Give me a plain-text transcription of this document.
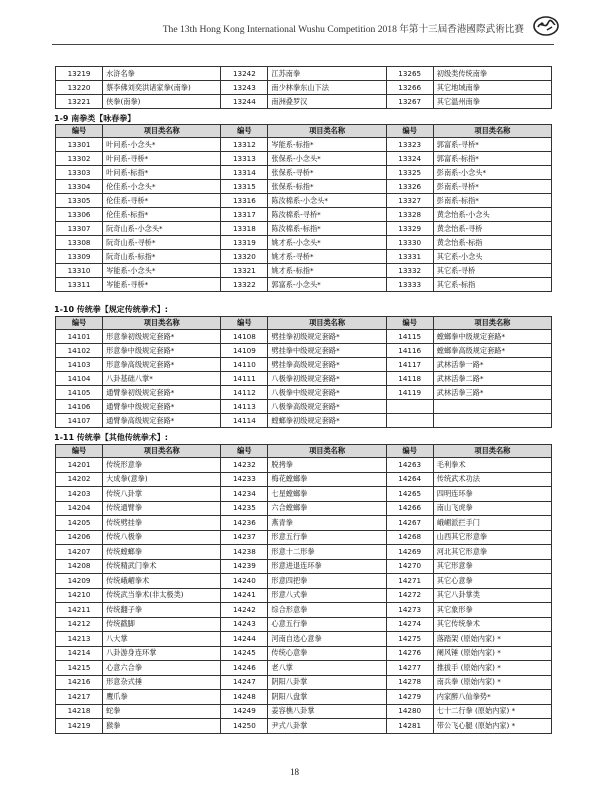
The 13th Hong Kong International Wushu Competition 2018 年第十三屆香港國際武術比賽
13219	水浒名拳	13242	江苏南拳	13265	初级类传统南拳
13220	蔡李佛刘奕洪诸家拳(南拳)	13243	南少林拳东山下法	13266	其它地域南拳
13221	侠拳(南拳)	13244	南洲叠罗汉	13267	其它温州南拳
1-9 南拳类【咏春拳】
编号	项目类名称	编号	项目类名称	编号	项目类名称
13301	叶问系-小念头*	13312	岑能系-标指*	13323	郭富系-寻桥*
13302	叶问系-寻桥*	13313	张保系-小念头*	13324	郭富系-标指*
13303	叶问系-标指*	13314	张保系-寻桥*	13325	彭南系-小念头*
13304	伦佳系-小念头*	13315	张保系-标指*	13326	彭南系-寻桥*
13305	伦佳系-寻桥*	13316	陈汝棉系-小念头*	13327	彭南系-标指*
13306	伦佳系-标指*	13317	陈汝棉系-寻桥*	13328	黄念怡系-小念头
13307	阮奇山系-小念头*	13318	陈汝棉系-标指*	13329	黄念怡系-寻桥
13308	阮奇山系-寻桥*	13319	姚才系-小念头*	13330	黄念怡系-标指
13309	阮奇山系-标指*	13320	姚才系-寻桥*	13331	其它系-小念头
13310	岑能系-小念头*	13321	姚才系-标指*	13332	其它系-寻桥
13311	岑能系-寻桥*	13322	郭富系-小念头*	13333	其它系-标指
1-10 传统拳【规定传统拳术】:
编号	项目类名称	编号	项目类名称	编号	项目类名称
14101	形意拳初级规定套路*	14108	劈挂拳初级规定套路*	14115	螳螂拳中级规定套路*
14102	形意拳中级规定套路*	14109	劈挂拳中级规定套路*	14116	螳螂拳高级规定套路*
14103	形意拳高级规定套路*	14110	劈挂拳高级规定套路*	14117	武林活拳一路*
14104	八卦基础八掌*	14111	八极拳初级规定套路*	14118	武林活拳二路*
14105	通臂拳初级规定套路*	14112	八极拳中级规定套路*	14119	武林活拳三路*
14106	通臂拳中级规定套路*	14113	八极拳高级规定套路*		
14107	通臂拳高级规定套路*	14114	螳螂拳初级规定套路*		
1-11 传统拳【其他传统拳术】:
编号	项目类名称	编号	项目类名称	编号	项目类名称
14201	传统形意拳	14232	脱拷拳	14263	毛利拳术
14202	大成拳(意拳)	14233	梅花螳螂拳	14264	传统武术功法
14203	传统八卦掌	14234	七星螳螂拳	14265	四明连环拳
14204	传统通臂拳	14235	六合螳螂拳	14266	南山飞虎拳
14205	传统劈挂拳	14236	燕青拳	14267	峨嵋派拦手门
14206	传统八极拳	14237	形意五行拳	14268	山西其它形意拳
14207	传统螳螂拳	14238	形意十二形拳	14269	河北其它形意拳
14208	传统精武门拳术	14239	形意进退连环拳	14270	其它形意拳
14209	传统峨嵋拳术	14240	形意四把拳	14271	其它心意拳
14210	传统武当拳术(非太极类)	14241	形意八式拳	14272	其它八卦掌类
14211	传统翻子拳	14242	综合形意拳	14273	其它象形拳
14212	传统戳脚	14243	心意五行拳	14274	其它传统拳术
14213	八大掌	14244	河南自选心意拳	14275	落踏架 (原始内家) *
14214	八卦游身连环掌	14245	传统心意拳	14276	阑风锤 (原始内家) *
14215	心意六合拳	14246	老八掌	14277	推拔手 (原始内家) *
14216	形意杂式捶	14247	阴阳八卦掌	14278	南兵拳 (原始内家) *
14217	鹰爪拳	14248	阴阳八盘掌	14279	内家醉八仙拳势*
14218	蛇拳	14249	姜容樵八卦掌	14280	七十二行拳 (原始内家) *
14219	猴拳	14250	尹式八卦掌	14281	带公飞心腿 (原始内家) *
18
